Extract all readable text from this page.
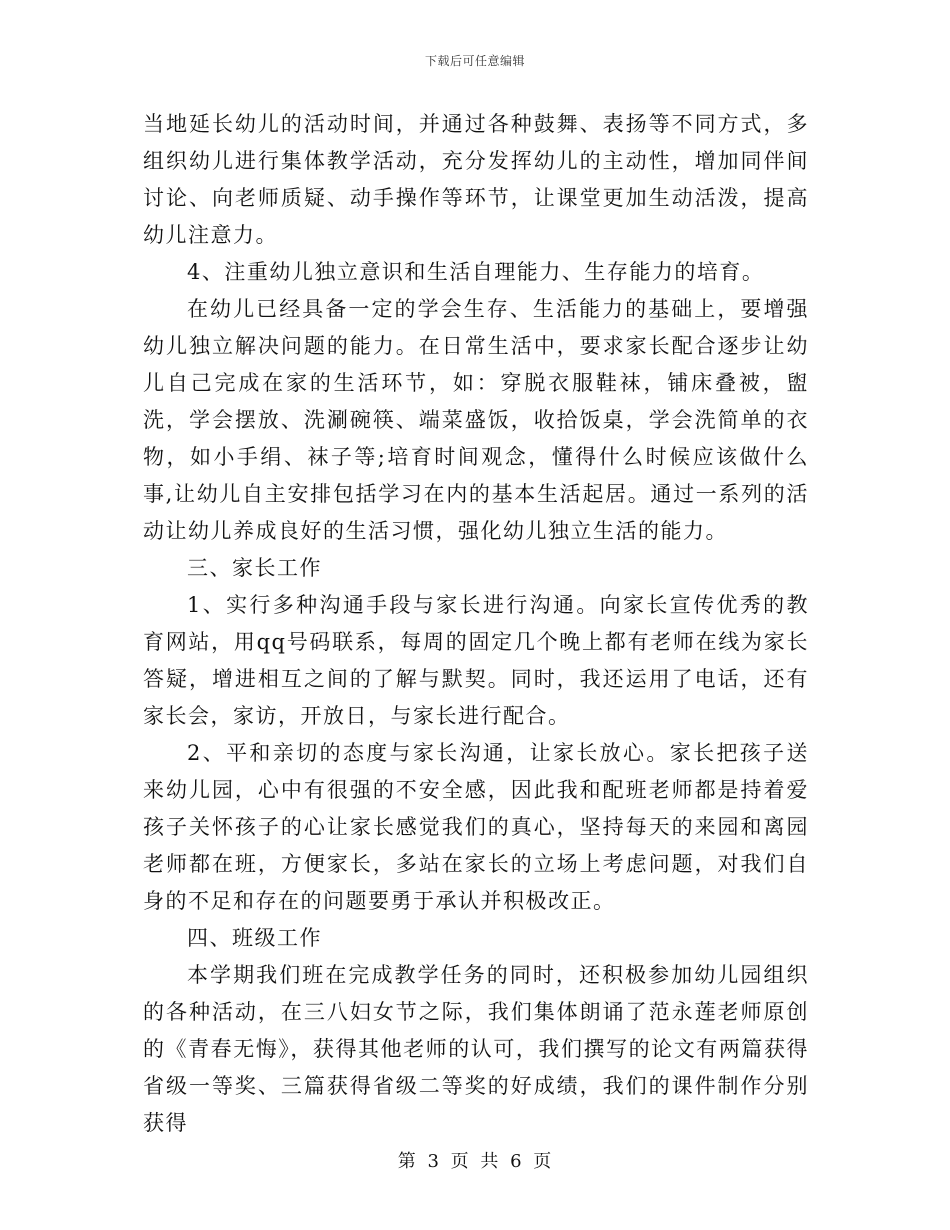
下载后可任意编辑

当地延长幼儿的活动时间，并通过各种鼓舞、表扬等不同方式，多组织幼儿进行集体教学活动，充分发挥幼儿的主动性，增加同伴间讨论、向老师质疑、动手操作等环节，让课堂更加生动活泼，提高幼儿注意力。

4、注重幼儿独立意识和生活自理能力、生存能力的培育。

在幼儿已经具备一定的学会生存、生活能力的基础上，要增强幼儿独立解决问题的能力。在日常生活中，要求家长配合逐步让幼儿自己完成在家的生活环节，如：穿脱衣服鞋袜，铺床叠被，盥洗，学会摆放、洗涮碗筷、端菜盛饭，收拾饭桌，学会洗简单的衣物，如小手绢、袜子等;培育时间观念，懂得什么时候应该做什么事,让幼儿自主安排包括学习在内的基本生活起居。通过一系列的活动让幼儿养成良好的生活习惯，强化幼儿独立生活的能力。

三、家长工作

1、实行多种沟通手段与家长进行沟通。向家长宣传优秀的教育网站，用qq号码联系，每周的固定几个晚上都有老师在线为家长答疑，增进相互之间的了解与默契。同时，我还运用了电话，还有家长会，家访，开放日，与家长进行配合。

2、平和亲切的态度与家长沟通，让家长放心。家长把孩子送来幼儿园，心中有很强的不安全感，因此我和配班老师都是持着爱孩子关怀孩子的心让家长感觉我们的真心，坚持每天的来园和离园老师都在班，方便家长，多站在家长的立场上考虑问题，对我们自身的不足和存在的问题要勇于承认并积极改正。

四、班级工作

本学期我们班在完成教学任务的同时，还积极参加幼儿园组织的各种活动，在三八妇女节之际，我们集体朗诵了范永莲老师原创的《青春无悔》，获得其他老师的认可，我们撰写的论文有两篇获得省级一等奖、三篇获得省级二等奖的好成绩，我们的课件制作分别获得

第 3 页 共 6 页
